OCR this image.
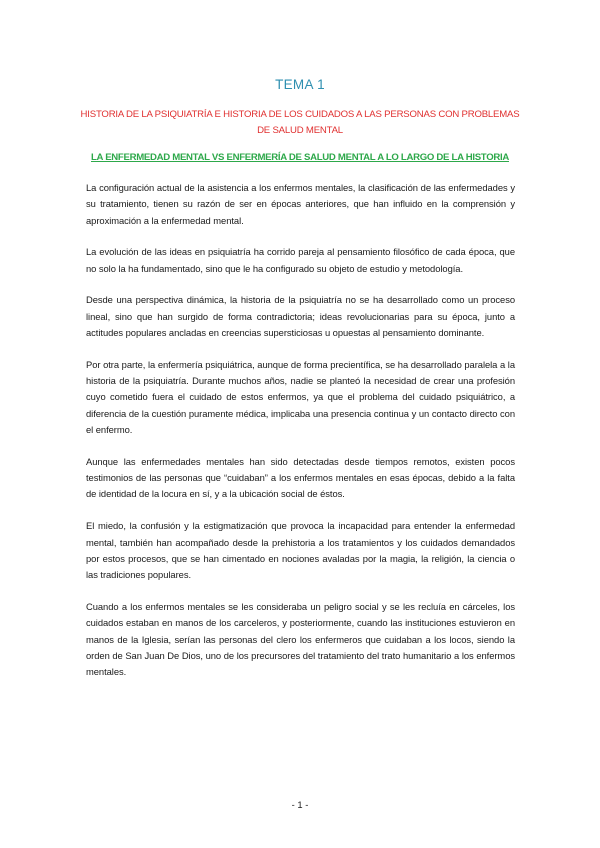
TEMA 1
HISTORIA DE LA PSIQUIATRÍA E HISTORIA DE LOS CUIDADOS A LAS PERSONAS CON PROBLEMAS DE SALUD MENTAL
LA ENFERMEDAD MENTAL VS ENFERMERÍA DE SALUD MENTAL A LO LARGO DE LA HISTORIA

La configuración actual de la asistencia a los enfermos mentales, la clasificación de las enfermedades y su tratamiento, tienen su razón de ser en épocas anteriores, que han influido en la comprensión y aproximación a la enfermedad mental.

La evolución de las ideas en psiquiatría ha corrido pareja al pensamiento filosófico de cada época, que no solo la ha fundamentado, sino que le ha configurado su objeto de estudio y metodología.

Desde una perspectiva dinámica, la historia de la psiquiatría no se ha desarrollado como un proceso lineal, sino que han surgido de forma contradictoria; ideas revolucionarias para su época, junto a actitudes populares ancladas en creencias supersticiosas u opuestas al pensamiento dominante.

Por otra parte, la enfermería psiquiátrica, aunque de forma precientífica, se ha desarrollado paralela a la historia de la psiquiatría. Durante muchos años, nadie se planteó la necesidad de crear una profesión cuyo cometido fuera el cuidado de estos enfermos, ya que el problema del cuidado psiquiátrico, a diferencia de la cuestión puramente médica, implicaba una presencia continua y un contacto directo con el enfermo.

Aunque las enfermedades mentales han sido detectadas desde tiempos remotos, existen pocos testimonios de las personas que “cuidaban” a los enfermos mentales en esas épocas, debido a la falta de identidad de la locura en sí, y a la ubicación social de éstos.

El miedo, la confusión y la estigmatización que provoca la incapacidad para entender la enfermedad mental, también han acompañado desde la prehistoria a los tratamientos y los cuidados demandados por estos procesos, que se han cimentado en nociones avaladas por la magia, la religión, la ciencia o las tradiciones populares.

Cuando a los enfermos mentales se les consideraba un peligro social y se les recluía en cárceles, los cuidados estaban en manos de los carceleros, y posteriormente, cuando las instituciones estuvieron en manos de la Iglesia, serían las personas del clero los enfermeros que cuidaban a los locos, siendo la orden de San Juan De Dios, uno de los precursores del tratamiento del trato humanitario a los enfermos mentales.

- 1 -
